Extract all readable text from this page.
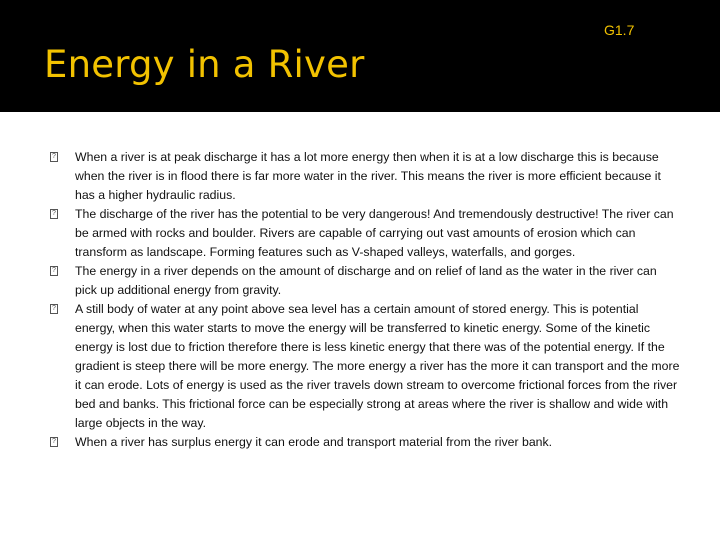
Energy in a River
G1.7
? When a river is at peak discharge it has a lot more energy then when it is at a low discharge this is because when the river is in flood there is far more water in the river. This means the river is more efficient because it has a higher hydraulic radius.
? The discharge of the river has the potential to be very dangerous! And tremendously destructive! The river can be armed with rocks and boulder. Rivers are capable of carrying out vast amounts of erosion which can transform as landscape. Forming features such as V-shaped valleys, waterfalls, and gorges.
? The energy in a river depends on the amount of discharge and on relief of land as the water in the river can pick up additional energy from gravity.
? A still body of water at any point above sea level has a certain amount of stored energy. This is potential energy, when this water starts to move the energy will be transferred to kinetic energy. Some of the kinetic energy is lost due to friction therefore there is less kinetic energy that there was of the potential energy. If the gradient is steep there will be more energy. The more energy a river has the more it can transport and the more it can erode. Lots of energy is used as the river travels down stream to overcome frictional forces from the river bed and banks. This frictional force can be especially strong at areas where the river is shallow and wide with large objects in the way.
? When a river has surplus energy it can erode and transport material from the river bank.
